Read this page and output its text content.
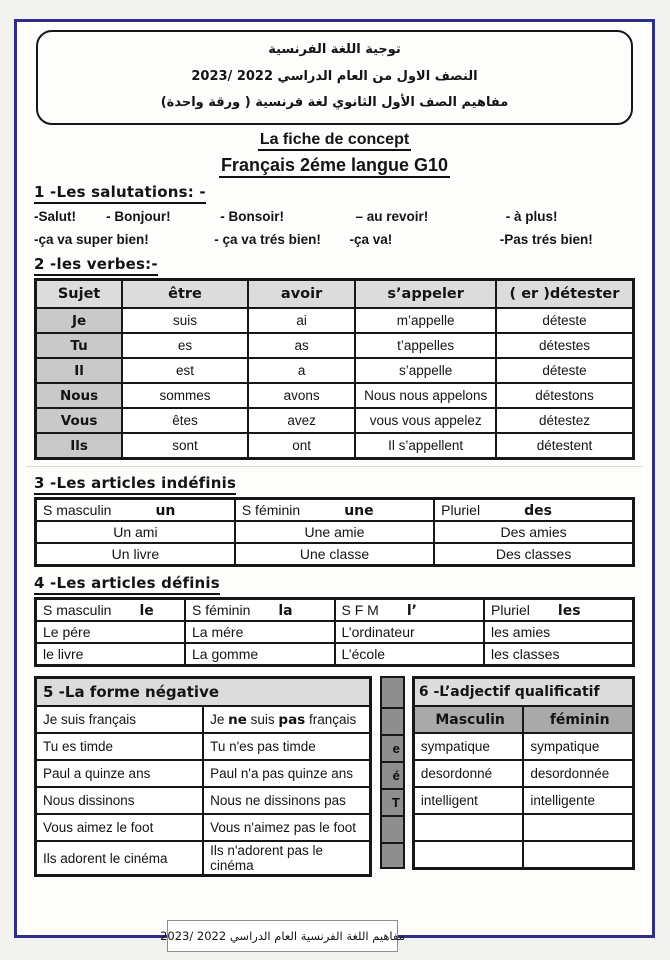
توجية اللغة الفرنسية
النصف الاول من العام الدراسي 2022 /2023
مفاهيم الصف الأول الثانوي لغة فرنسية ( ورقة واحدة)
La fiche de concept
Français 2éme langue G10
1 -Les salutations: -
-Salut!	- Bonjour!	- Bonsoir!	– au revoir!	- à plus!
-ça va super bien!	- ça va trés bien!	-ça va!	-Pas trés bien!
2 -les verbes:-
Sujet	être	avoir	s’appeler	( er )détester
Je	suis	ai	m’appelle	déteste
Tu	es	as	t’appelles	détestes
Il	est	a	s’appelle	déteste
Nous	sommes	avons	Nous nous appelons	détestons
Vous	êtes	avez	vous vous appelez	détestez
Ils	sont	ont	Il s’appellent	détestent
3 -Les articles indéfinis
S masculin un	S féminin une	Pluriel des
Un ami	Une amie	Des amies
Un livre	Une classe	Des classes
4 -Les articles définis
S masculin le	S féminin la	S F M l’	Pluriel les
Le pére	La mére	L’ordinateur	les amies
le livre	La gomme	L’école	les classes
5 -La forme négative	
Je suis français	Je ne suis pas français
Tu es timde	Tu n'es pas timde
Paul a quinze ans	Paul n'a pas quinze ans
Nous dissinons	Nous ne dissinons pas
Vous aimez le foot	Vous n'aimez pas le foot
Ils adorent le cinéma	Ils n'adorent pas le cinéma
e
é
T
6 -L’adjectif qualificatif	
Masculin	féminin
sympatique	sympatique
desordonné	desordonnée
intelligent	intelligente

مفاهيم اللغة الفرنسية العام الدراسي 2022 /2023
